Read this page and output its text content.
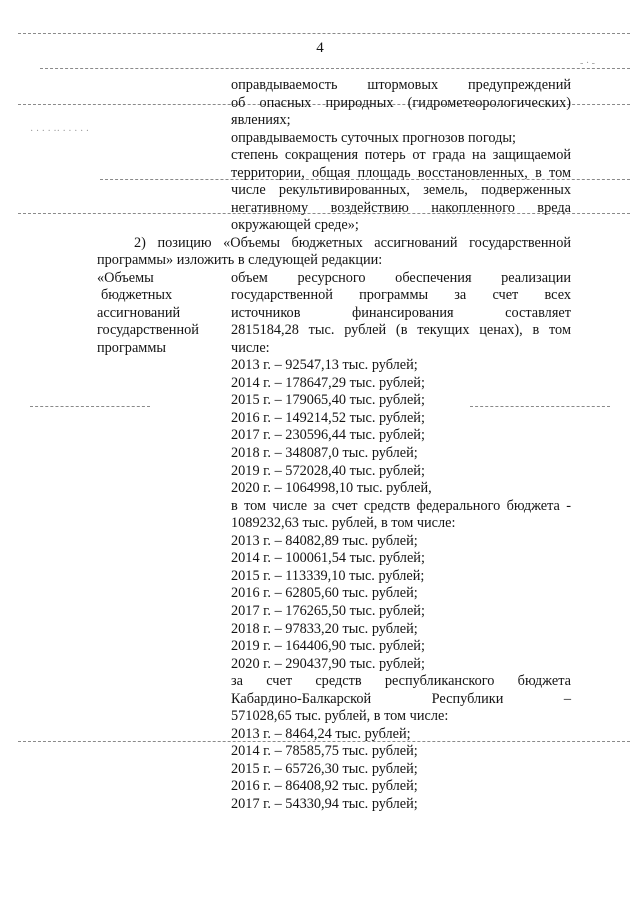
· · · · ·· · · · · ·
- · -
4
оправдываемость штормовых предупреждений
об опасных природных (гидрометеорологических)
явлениях;
оправдываемость суточных прогнозов погоды;
степень сокращения потерь от града на защищаемой
территории, общая площадь восстановленных, в том
числе рекультивированных, земель, подверженных
негативному воздействию накопленного вреда
окружающей среде»;
2) позицию «Объемы бюджетных ассигнований государственной
программы» изложить в следующей редакции:
«Объемы
бюджетных
ассигнований
государственной
программы
объем ресурсного обеспечения реализации
государственной программы за счет всех
источников финансирования составляет
2815184,28 тыс. рублей (в текущих ценах), в том
числе:
2013 г. – 92547,13 тыс. рублей;
2014 г. – 178647,29 тыс. рублей;
2015 г. – 179065,40 тыс. рублей;
2016 г. – 149214,52 тыс. рублей;
2017 г. – 230596,44 тыс. рублей;
2018 г. – 348087,0 тыс. рублей;
2019 г. – 572028,40 тыс. рублей;
2020 г. – 1064998,10 тыс. рублей,
в том числе за счет средств федерального бюджета -
1089232,63 тыс. рублей, в том числе:
2013 г. – 84082,89 тыс. рублей;
2014 г. – 100061,54 тыс. рублей;
2015 г. – 113339,10 тыс. рублей;
2016 г. – 62805,60 тыс. рублей;
2017 г. – 176265,50 тыс. рублей;
2018 г. – 97833,20 тыс. рублей;
2019 г. – 164406,90 тыс. рублей;
2020 г. – 290437,90 тыс. рублей;
за счет средств республиканского бюджета
Кабардино-Балкарской Республики –
571028,65 тыс. рублей, в том числе:
2013 г. – 8464,24 тыс. рублей;
2014 г. – 78585,75 тыс. рублей;
2015 г. – 65726,30 тыс. рублей;
2016 г. – 86408,92 тыс. рублей;
2017 г. – 54330,94 тыс. рублей;
